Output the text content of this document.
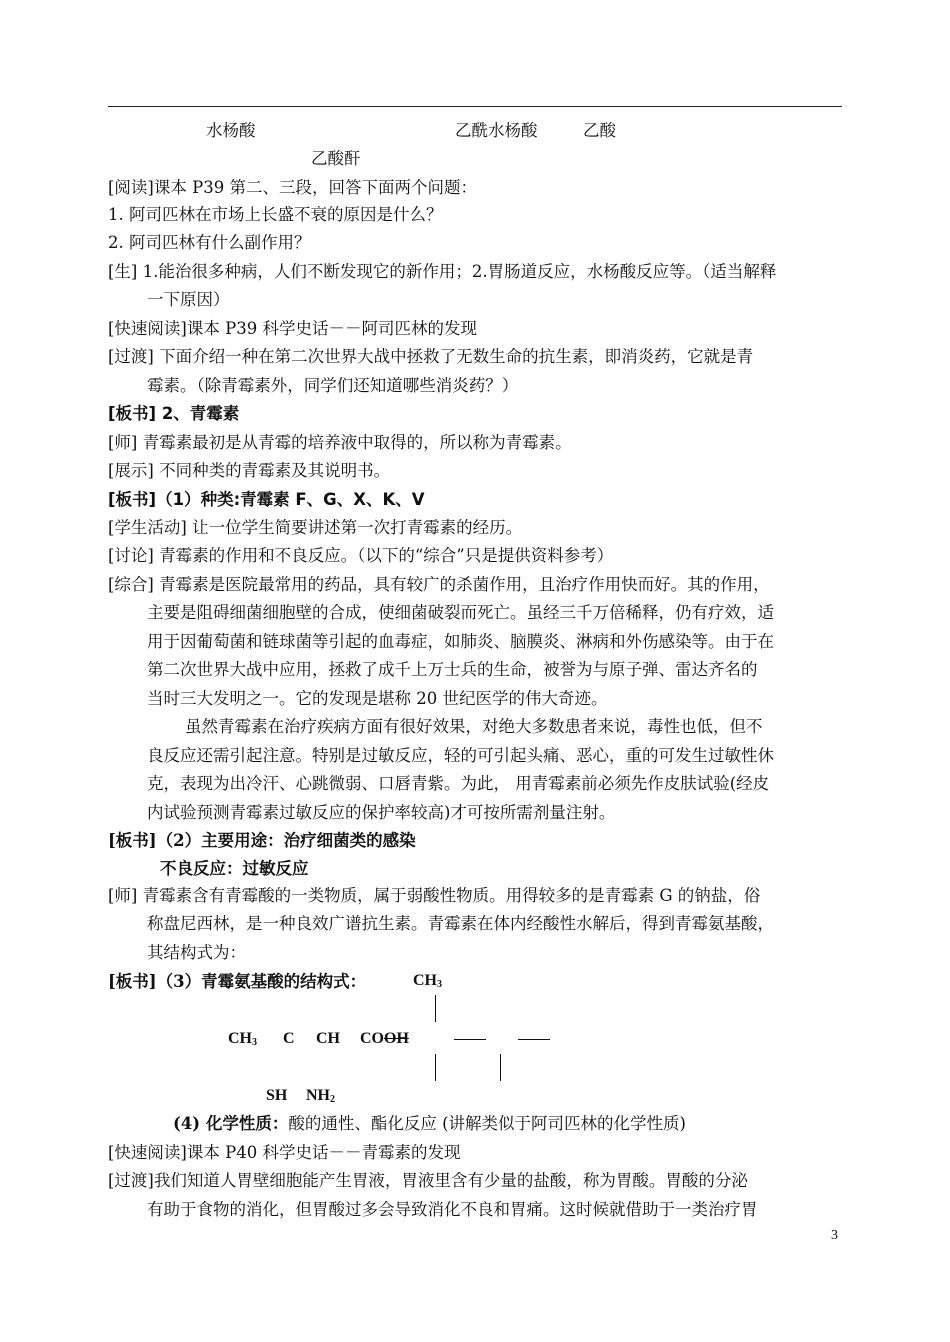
水杨酸	乙酰水杨酸	乙酸
乙酸酐
[阅读]课本 P39 第二、三段，回答下面两个问题：
1. 阿司匹林在市场上长盛不衰的原因是什么？
2. 阿司匹林有什么副作用？
[生] 1.能治很多种病，人们不断发现它的新作用；2.胃肠道反应，水杨酸反应等。（适当解释
一下原因）
[快速阅读]课本 P39 科学史话－－阿司匹林的发现
[过渡] 下面介绍一种在第二次世界大战中拯救了无数生命的抗生素，即消炎药，它就是青
霉素。（除青霉素外，同学们还知道哪些消炎药？）
[板书] 2、青霉素
[师] 青霉素最初是从青霉的培养液中取得的，所以称为青霉素。
[展示] 不同种类的青霉素及其说明书。
[板书]（1）种类:青霉素 F、G、X、K、V
[学生活动] 让一位学生简要讲述第一次打青霉素的经历。
[讨论] 青霉素的作用和不良反应。（以下的“综合”只是提供资料参考）
[综合] 青霉素是医院最常用的药品，具有较广的杀菌作用，且治疗作用快而好。其的作用，
主要是阻碍细菌细胞壁的合成，使细菌破裂而死亡。虽经三千万倍稀释，仍有疗效，适
用于因葡萄菌和链球菌等引起的血毒症，如肺炎、脑膜炎、淋病和外伤感染等。由于在
第二次世界大战中应用，拯救了成千上万士兵的生命，被誉为与原子弹、雷达齐名的
当时三大发明之一。它的发现是堪称 20 世纪医学的伟大奇迹。
虽然青霉素在治疗疾病方面有很好效果，对绝大多数患者来说，毒性也低，但不
良反应还需引起注意。特别是过敏反应，轻的可引起头痛、恶心，重的可发生过敏性休
克，表现为出冷汗、心跳微弱、口唇青紫。为此， 用青霉素前必须先作皮肤试验(经皮
内试验预测青霉素过敏反应的保护率较高)才可按所需剂量注射。
[板书]（2）主要用途：治疗细菌类的感染
不良反应：过敏反应
[师] 青霉素含有青霉酸的一类物质，属于弱酸性物质。用得较多的是青霉素 G 的钠盐，俗
称盘尼西林，是一种良效广谱抗生素。青霉素在体内经酸性水解后，得到青霉氨基酸，
其结构式为：
[板书]（3）青霉氨基酸的结构式：	$CH_3$
$CH_3$ C CH COOH
SH $NH_2$
(4) 化学性质：酸的通性、酯化反应 (讲解类似于阿司匹林的化学性质)
[快速阅读]课本 P40 科学史话－－青霉素的发现
[过渡]我们知道人胃壁细胞能产生胃液，胃液里含有少量的盐酸，称为胃酸。胃酸的分泌
有助于食物的消化，但胃酸过多会导致消化不良和胃痛。这时候就借助于一类治疗胃
3
